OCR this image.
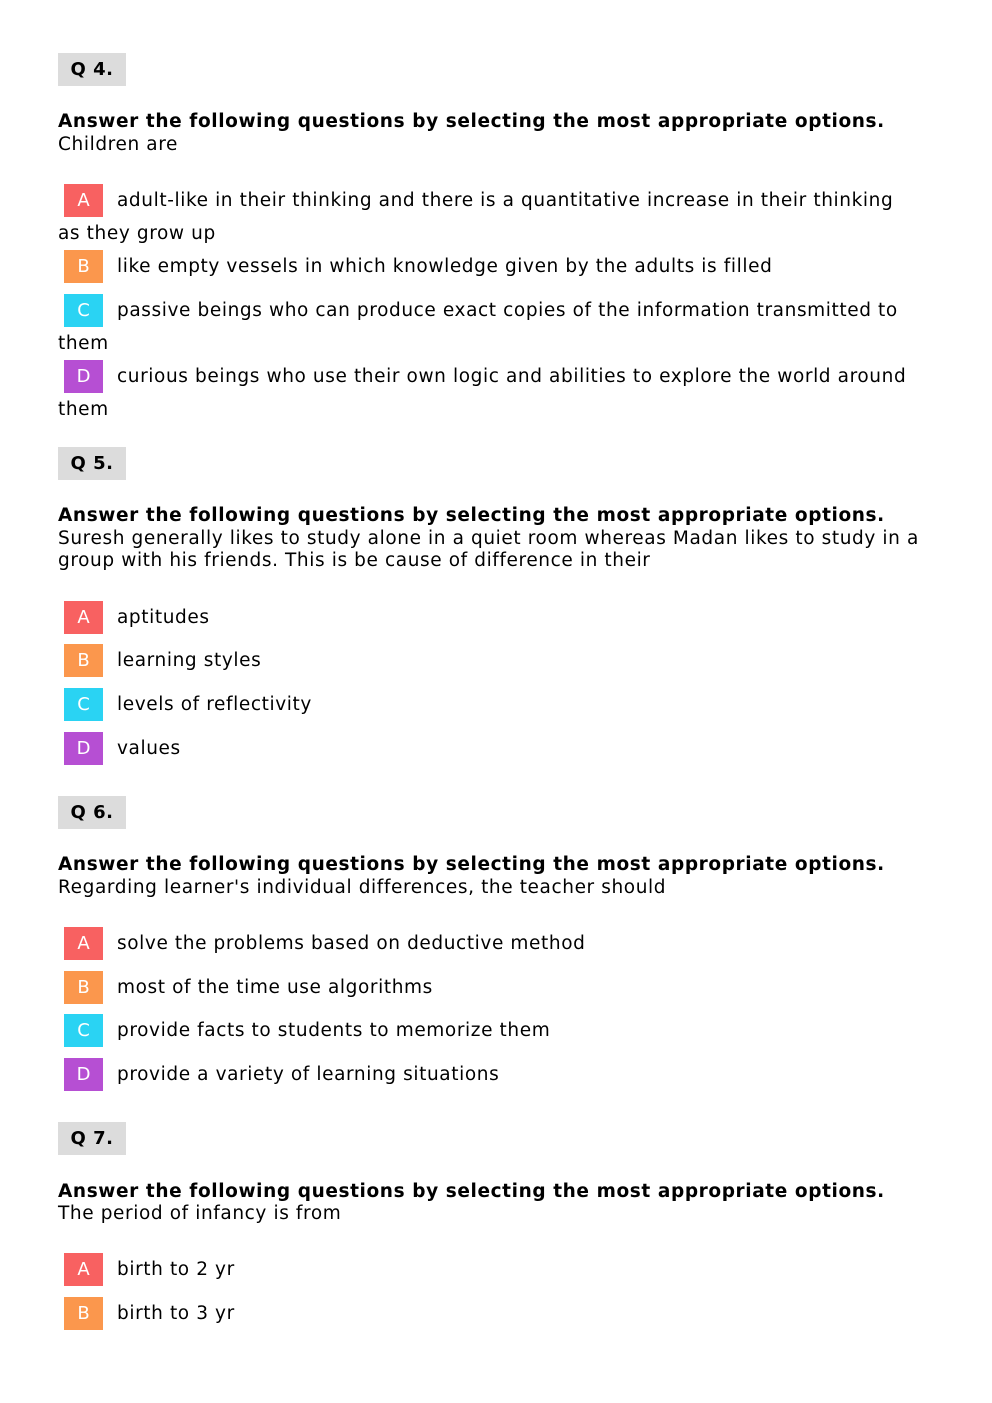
Q 4.
Answer the following questions by selecting the most appropriate options.
Children are
A adult-like in their thinking and there is a quantitative increase in their thinking as they grow up
B like empty vessels in which knowledge given by the adults is filled
C passive beings who can produce exact copies of the information transmitted to them
D curious beings who use their own logic and abilities to explore the world around them
Q 5.
Answer the following questions by selecting the most appropriate options.
Suresh generally likes to study alone in a quiet room whereas Madan likes to study in a group with his friends. This is be cause of difference in their
A aptitudes
B learning styles
C levels of reflectivity
D values
Q 6.
Answer the following questions by selecting the most appropriate options.
Regarding learner's individual differences, the teacher should
A solve the problems based on deductive method
B most of the time use algorithms
C provide facts to students to memorize them
D provide a variety of learning situations
Q 7.
Answer the following questions by selecting the most appropriate options.
The period of infancy is from
A birth to 2 yr
B birth to 3 yr
